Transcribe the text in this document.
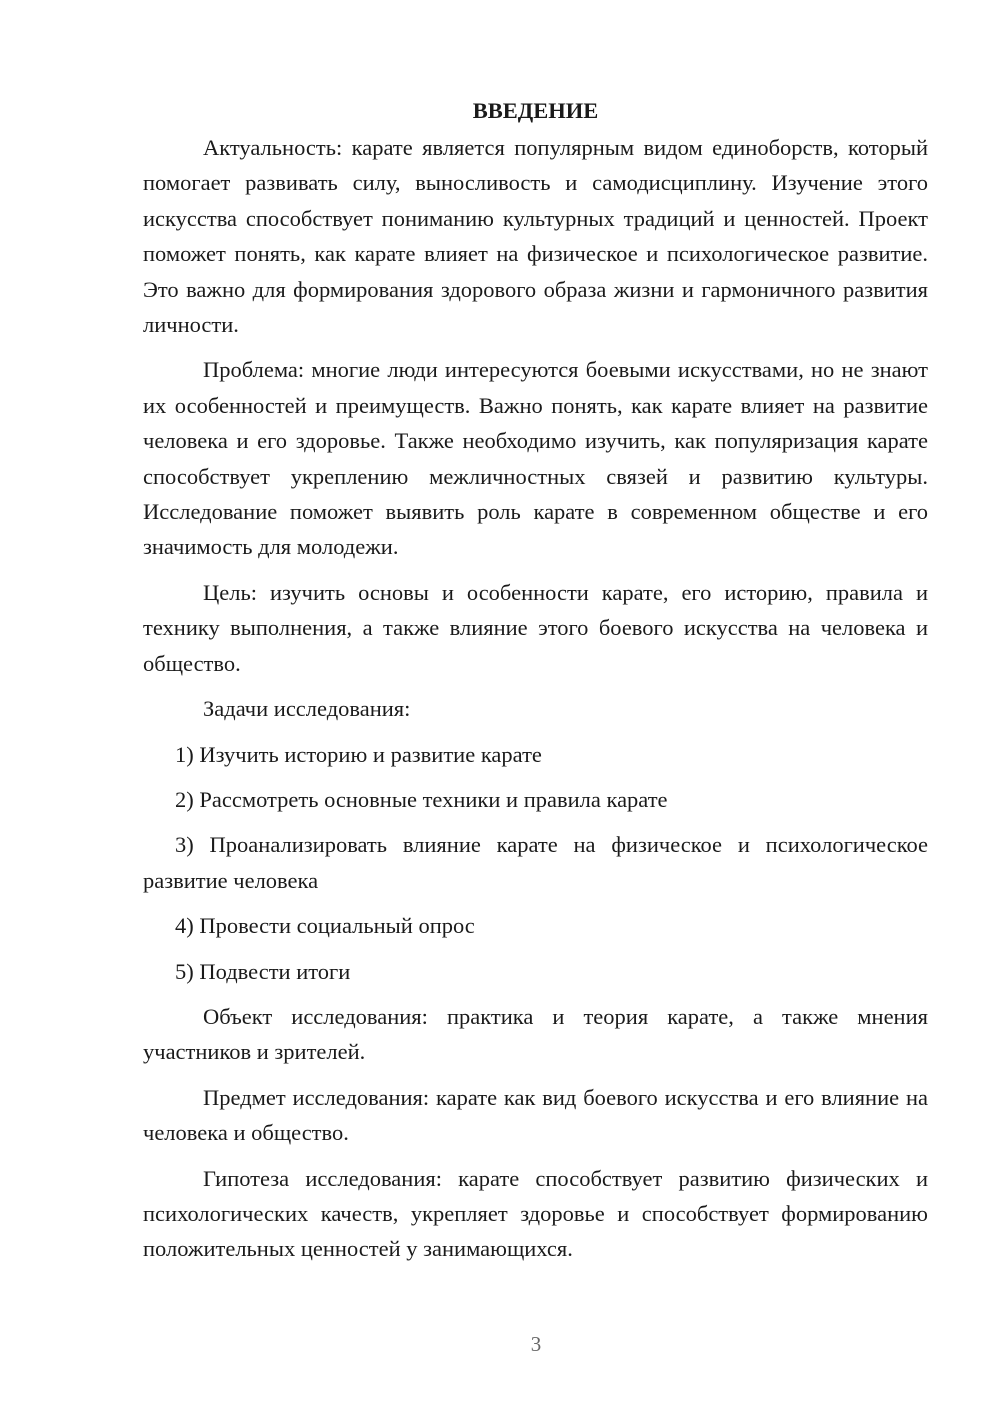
ВВЕДЕНИЕ

Актуальность: карате является популярным видом единоборств, который помогает развивать силу, выносливость и самодисциплину. Изучение этого искусства способствует пониманию культурных традиций и ценностей. Проект поможет понять, как карате влияет на физическое и психологическое развитие. Это важно для формирования здорового образа жизни и гармоничного развития личности.

Проблема: многие люди интересуются боевыми искусствами, но не знают их особенностей и преимуществ. Важно понять, как карате влияет на развитие человека и его здоровье. Также необходимо изучить, как популяризация карате способствует укреплению межличностных связей и развитию культуры. Исследование поможет выявить роль карате в современном обществе и его значимость для молодежи.

Цель: изучить основы и особенности карате, его историю, правила и технику выполнения, а также влияние этого боевого искусства на человека и общество.

Задачи исследования:

1) Изучить историю и развитие карате

2) Рассмотреть основные техники и правила карате

3) Проанализировать влияние карате на физическое и психологическое развитие человека

4) Провести социальный опрос

5) Подвести итоги

Объект исследования: практика и теория карате, а также мнения участников и зрителей.

Предмет исследования: карате как вид боевого искусства и его влияние на человека и общество.

Гипотеза исследования: карате способствует развитию физических и психологических качеств, укрепляет здоровье и способствует формированию положительных ценностей у занимающихся.

3
